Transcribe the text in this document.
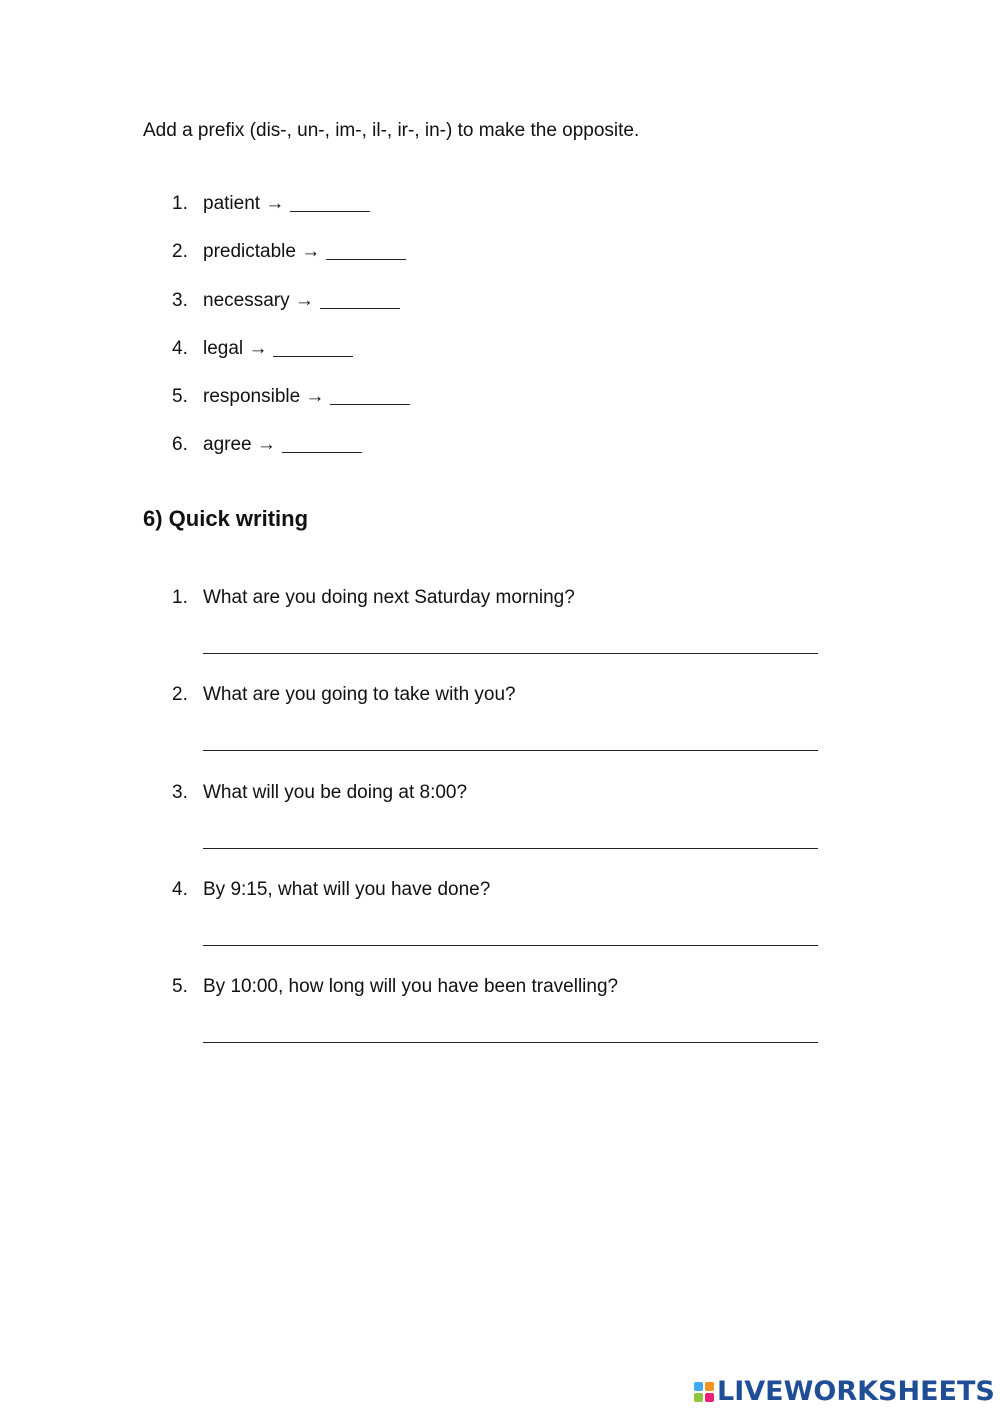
Add a prefix (dis-, un-, im-, il-, ir-, in-) to make the opposite.
1. patient
→
2. predictable
→
3. necessary
→
4. legal
→
5. responsible
→
6. agree
→
6) Quick writing
1. What are you doing next Saturday morning?
2. What are you going to take with you?
3. What will you be doing at 8:00?
4. By 9:15, what will you have done?
5. By 10:00, how long will you have been travelling?
LIVEWORKSHEETS
